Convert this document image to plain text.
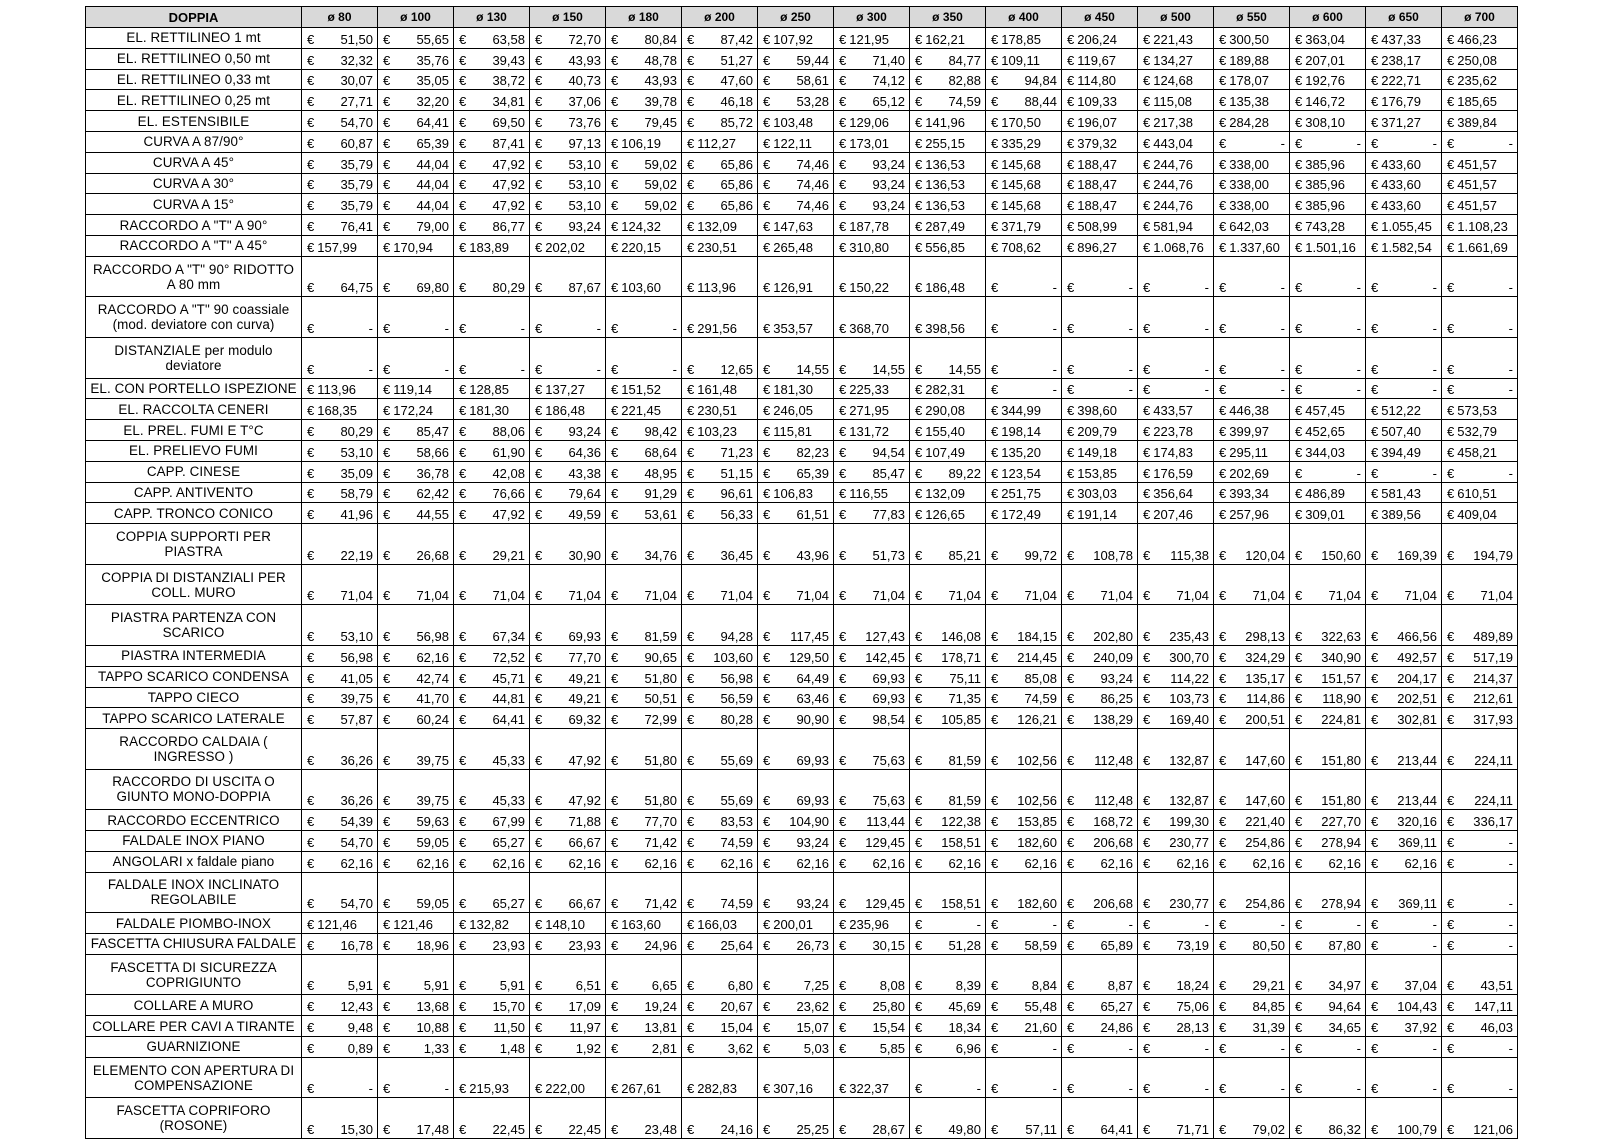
DOPPIA	ø 80	ø 100	ø 130	ø 150	ø 180	ø 200	ø 250	ø 300	ø 350	ø 400	ø 450	ø 500	ø 550	ø 600	ø 650	ø 700
EL. RETTILINEO 1 mt	€ 51,50	€ 55,65	€ 63,58	€ 72,70	€ 80,84	€ 87,42	€ 107,92	€ 121,95	€ 162,21	€ 178,85	€ 206,24	€ 221,43	€ 300,50	€ 363,04	€ 437,33	€ 466,23

EL. RETTILINEO 0,50 mt	€ 32,32	€ 35,76	€ 39,43	€ 43,93	€ 48,78	€ 51,27	€ 59,44	€ 71,40	€ 84,77	€ 109,11	€ 119,67	€ 134,27	€ 189,88	€ 207,01	€ 238,17	€ 250,08

EL. RETTILINEO 0,33 mt	€ 30,07	€ 35,05	€ 38,72	€ 40,73	€ 43,93	€ 47,60	€ 58,61	€ 74,12	€ 82,88	€ 94,84	€ 114,80	€ 124,68	€ 178,07	€ 192,76	€ 222,71	€ 235,62

EL. RETTILINEO 0,25 mt	€ 27,71	€ 32,20	€ 34,81	€ 37,06	€ 39,78	€ 46,18	€ 53,28	€ 65,12	€ 74,59	€ 88,44	€ 109,33	€ 115,08	€ 135,38	€ 146,72	€ 176,79	€ 185,65

EL. ESTENSIBILE	€ 54,70	€ 64,41	€ 69,50	€ 73,76	€ 79,45	€ 85,72	€ 103,48	€ 129,06	€ 141,96	€ 170,50	€ 196,07	€ 217,38	€ 284,28	€ 308,10	€ 371,27	€ 389,84

CURVA A 87/90°	€ 60,87	€ 65,39	€ 87,41	€ 97,13	€ 106,19	€ 112,27	€ 122,11	€ 173,01	€ 255,15	€ 335,29	€ 379,32	€ 443,04	€ -	€ -	€ -	€ -

CURVA A 45°	€ 35,79	€ 44,04	€ 47,92	€ 53,10	€ 59,02	€ 65,86	€ 74,46	€ 93,24	€ 136,53	€ 145,68	€ 188,47	€ 244,76	€ 338,00	€ 385,96	€ 433,60	€ 451,57

CURVA A 30°	€ 35,79	€ 44,04	€ 47,92	€ 53,10	€ 59,02	€ 65,86	€ 74,46	€ 93,24	€ 136,53	€ 145,68	€ 188,47	€ 244,76	€ 338,00	€ 385,96	€ 433,60	€ 451,57

CURVA A 15°	€ 35,79	€ 44,04	€ 47,92	€ 53,10	€ 59,02	€ 65,86	€ 74,46	€ 93,24	€ 136,53	€ 145,68	€ 188,47	€ 244,76	€ 338,00	€ 385,96	€ 433,60	€ 451,57

RACCORDO A "T" A 90°	€ 76,41	€ 79,00	€ 86,77	€ 93,24	€ 124,32	€ 132,09	€ 147,63	€ 187,78	€ 287,49	€ 371,79	€ 508,99	€ 581,94	€ 642,03	€ 743,28	€ 1.055,45	€ 1.108,23

RACCORDO A "T" A 45°	€ 157,99	€ 170,94	€ 183,89	€ 202,02	€ 220,15	€ 230,51	€ 265,48	€ 310,80	€ 556,85	€ 708,62	€ 896,27	€ 1.068,76	€ 1.337,60	€ 1.501,16	€ 1.582,54	€ 1.661,69

RACCORDO A "T" 90° RIDOTTO A 80 mm	€ 64,75	€ 69,80	€ 80,29	€ 87,67	€ 103,60	€ 113,96	€ 126,91	€ 150,22	€ 186,48	€ -	€ -	€ -	€ -	€ -	€ -	€ -

RACCORDO A "T" 90 coassiale (mod. deviatore con curva)	€ -	€ -	€ -	€ -	€ -	€ 291,56	€ 353,57	€ 368,70	€ 398,56	€ -	€ -	€ -	€ -	€ -	€ -	€ -

DISTANZIALE per modulo deviatore	€ -	€ -	€ -	€ -	€ -	€ 12,65	€ 14,55	€ 14,55	€ 14,55	€ -	€ -	€ -	€ -	€ -	€ -	€ -

EL. CON PORTELLO ISPEZIONE	€ 113,96	€ 119,14	€ 128,85	€ 137,27	€ 151,52	€ 161,48	€ 181,30	€ 225,33	€ 282,31	€ -	€ -	€ -	€ -	€ -	€ -	€ -

EL. RACCOLTA CENERI	€ 168,35	€ 172,24	€ 181,30	€ 186,48	€ 221,45	€ 230,51	€ 246,05	€ 271,95	€ 290,08	€ 344,99	€ 398,60	€ 433,57	€ 446,38	€ 457,45	€ 512,22	€ 573,53

EL. PREL. FUMI E T°C	€ 80,29	€ 85,47	€ 88,06	€ 93,24	€ 98,42	€ 103,23	€ 115,81	€ 131,72	€ 155,40	€ 198,14	€ 209,79	€ 223,78	€ 399,97	€ 452,65	€ 507,40	€ 532,79

EL. PRELIEVO FUMI	€ 53,10	€ 58,66	€ 61,90	€ 64,36	€ 68,64	€ 71,23	€ 82,23	€ 94,54	€ 107,49	€ 135,20	€ 149,18	€ 174,83	€ 295,11	€ 344,03	€ 394,49	€ 458,21

CAPP. CINESE	€ 35,09	€ 36,78	€ 42,08	€ 43,38	€ 48,95	€ 51,15	€ 65,39	€ 85,47	€ 89,22	€ 123,54	€ 153,85	€ 176,59	€ 202,69	€ -	€ -	€ -

CAPP. ANTIVENTO	€ 58,79	€ 62,42	€ 76,66	€ 79,64	€ 91,29	€ 96,61	€ 106,83	€ 116,55	€ 132,09	€ 251,75	€ 303,03	€ 356,64	€ 393,34	€ 486,89	€ 581,43	€ 610,51

CAPP. TRONCO CONICO	€ 41,96	€ 44,55	€ 47,92	€ 49,59	€ 53,61	€ 56,33	€ 61,51	€ 77,83	€ 126,65	€ 172,49	€ 191,14	€ 207,46	€ 257,96	€ 309,01	€ 389,56	€ 409,04

COPPIA SUPPORTI PER PIASTRA	€ 22,19	€ 26,68	€ 29,21	€ 30,90	€ 34,76	€ 36,45	€ 43,96	€ 51,73	€ 85,21	€ 99,72	€ 108,78	€ 115,38	€ 120,04	€ 150,60	€ 169,39	€ 194,79

COPPIA DI DISTANZIALI PER COLL. MURO	€ 71,04	€ 71,04	€ 71,04	€ 71,04	€ 71,04	€ 71,04	€ 71,04	€ 71,04	€ 71,04	€ 71,04	€ 71,04	€ 71,04	€ 71,04	€ 71,04	€ 71,04	€ 71,04

PIASTRA PARTENZA CON SCARICO	€ 53,10	€ 56,98	€ 67,34	€ 69,93	€ 81,59	€ 94,28	€ 117,45	€ 127,43	€ 146,08	€ 184,15	€ 202,80	€ 235,43	€ 298,13	€ 322,63	€ 466,56	€ 489,89

PIASTRA INTERMEDIA	€ 56,98	€ 62,16	€ 72,52	€ 77,70	€ 90,65	€ 103,60	€ 129,50	€ 142,45	€ 178,71	€ 214,45	€ 240,09	€ 300,70	€ 324,29	€ 340,90	€ 492,57	€ 517,19

TAPPO SCARICO CONDENSA	€ 41,05	€ 42,74	€ 45,71	€ 49,21	€ 51,80	€ 56,98	€ 64,49	€ 69,93	€ 75,11	€ 85,08	€ 93,24	€ 114,22	€ 135,17	€ 151,57	€ 204,17	€ 214,37

TAPPO CIECO	€ 39,75	€ 41,70	€ 44,81	€ 49,21	€ 50,51	€ 56,59	€ 63,46	€ 69,93	€ 71,35	€ 74,59	€ 86,25	€ 103,73	€ 114,86	€ 118,90	€ 202,51	€ 212,61

TAPPO SCARICO LATERALE	€ 57,87	€ 60,24	€ 64,41	€ 69,32	€ 72,99	€ 80,28	€ 90,90	€ 98,54	€ 105,85	€ 126,21	€ 138,29	€ 169,40	€ 200,51	€ 224,81	€ 302,81	€ 317,93

RACCORDO CALDAIA ( INGRESSO )	€ 36,26	€ 39,75	€ 45,33	€ 47,92	€ 51,80	€ 55,69	€ 69,93	€ 75,63	€ 81,59	€ 102,56	€ 112,48	€ 132,87	€ 147,60	€ 151,80	€ 213,44	€ 224,11

RACCORDO DI USCITA O GIUNTO MONO-DOPPIA	€ 36,26	€ 39,75	€ 45,33	€ 47,92	€ 51,80	€ 55,69	€ 69,93	€ 75,63	€ 81,59	€ 102,56	€ 112,48	€ 132,87	€ 147,60	€ 151,80	€ 213,44	€ 224,11

RACCORDO ECCENTRICO	€ 54,39	€ 59,63	€ 67,99	€ 71,88	€ 77,70	€ 83,53	€ 104,90	€ 113,44	€ 122,38	€ 153,85	€ 168,72	€ 199,30	€ 221,40	€ 227,70	€ 320,16	€ 336,17

FALDALE INOX PIANO	€ 54,70	€ 59,05	€ 65,27	€ 66,67	€ 71,42	€ 74,59	€ 93,24	€ 129,45	€ 158,51	€ 182,60	€ 206,68	€ 230,77	€ 254,86	€ 278,94	€ 369,11	€ -

ANGOLARI x faldale piano	€ 62,16	€ 62,16	€ 62,16	€ 62,16	€ 62,16	€ 62,16	€ 62,16	€ 62,16	€ 62,16	€ 62,16	€ 62,16	€ 62,16	€ 62,16	€ 62,16	€ 62,16	€ -

FALDALE INOX INCLINATO REGOLABILE	€ 54,70	€ 59,05	€ 65,27	€ 66,67	€ 71,42	€ 74,59	€ 93,24	€ 129,45	€ 158,51	€ 182,60	€ 206,68	€ 230,77	€ 254,86	€ 278,94	€ 369,11	€ -

FALDALE PIOMBO-INOX	€ 121,46	€ 121,46	€ 132,82	€ 148,10	€ 163,60	€ 166,03	€ 200,01	€ 235,96	€ -	€ -	€ -	€ -	€ -	€ -	€ -	€ -

FASCETTA CHIUSURA FALDALE	€ 16,78	€ 18,96	€ 23,93	€ 23,93	€ 24,96	€ 25,64	€ 26,73	€ 30,15	€ 51,28	€ 58,59	€ 65,89	€ 73,19	€ 80,50	€ 87,80	€ -	€ -

FASCETTA DI SICUREZZA COPRIGIUNTO	€ 5,91	€ 5,91	€ 5,91	€ 6,51	€ 6,65	€ 6,80	€ 7,25	€ 8,08	€ 8,39	€ 8,84	€ 8,87	€ 18,24	€ 29,21	€ 34,97	€ 37,04	€ 43,51

COLLARE A MURO	€ 12,43	€ 13,68	€ 15,70	€ 17,09	€ 19,24	€ 20,67	€ 23,62	€ 25,80	€ 45,69	€ 55,48	€ 65,27	€ 75,06	€ 84,85	€ 94,64	€ 104,43	€ 147,11

COLLARE PER CAVI A TIRANTE	€ 9,48	€ 10,88	€ 11,50	€ 11,97	€ 13,81	€ 15,04	€ 15,07	€ 15,54	€ 18,34	€ 21,60	€ 24,86	€ 28,13	€ 31,39	€ 34,65	€ 37,92	€ 46,03

GUARNIZIONE	€ 0,89	€ 1,33	€ 1,48	€ 1,92	€ 2,81	€ 3,62	€ 5,03	€ 5,85	€ 6,96	€ -	€ -	€ -	€ -	€ -	€ -	€ -

ELEMENTO CON APERTURA DI COMPENSAZIONE	€ -	€ -	€ 215,93	€ 222,00	€ 267,61	€ 282,83	€ 307,16	€ 322,37	€ -	€ -	€ -	€ -	€ -	€ -	€ -	€ -

FASCETTA COPRIFORO (ROSONE)	€ 15,30	€ 17,48	€ 22,45	€ 22,45	€ 23,48	€ 24,16	€ 25,25	€ 28,67	€ 49,80	€ 57,11	€ 64,41	€ 71,71	€ 79,02	€ 86,32	€ 100,79	€ 121,06
